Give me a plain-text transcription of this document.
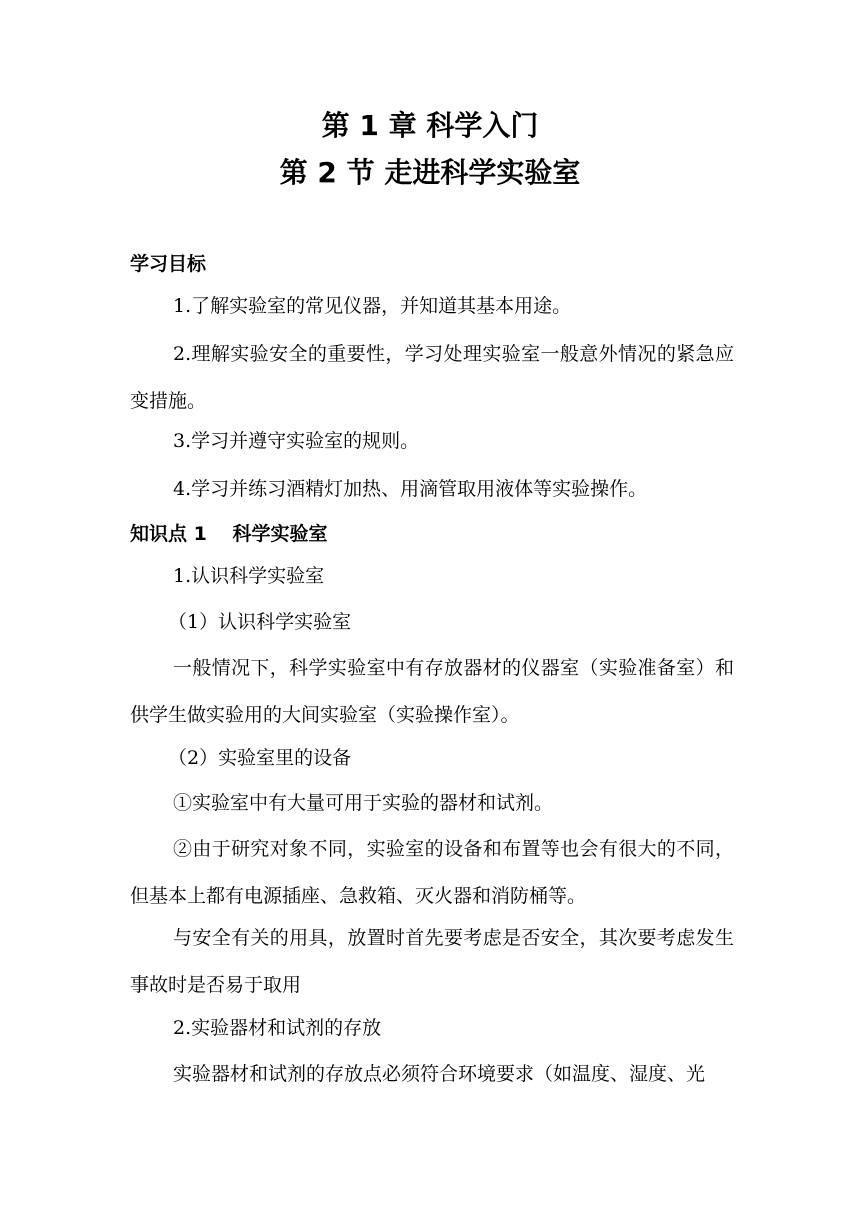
第 1 章 科学入门
第 2 节 走进科学实验室
学习目标
1.了解实验室的常见仪器，并知道其基本用途。
2.理解实验安全的重要性，学习处理实验室一般意外情况的紧急应变措施。
3.学习并遵守实验室的规则。
4.学习并练习酒精灯加热、用滴管取用液体等实验操作。
知识点 1　 科学实验室
1.认识科学实验室
（1）认识科学实验室
一般情况下，科学实验室中有存放器材的仪器室（实验准备室）和供学生做实验用的大间实验室（实验操作室）。
（2）实验室里的设备
①实验室中有大量可用于实验的器材和试剂。
②由于研究对象不同，实验室的设备和布置等也会有很大的不同，但基本上都有电源插座、急救箱、灭火器和消防桶等。
与安全有关的用具，放置时首先要考虑是否安全，其次要考虑发生事故时是否易于取用
2.实验器材和试剂的存放
实验器材和试剂的存放点必须符合环境要求（如温度、湿度、光
